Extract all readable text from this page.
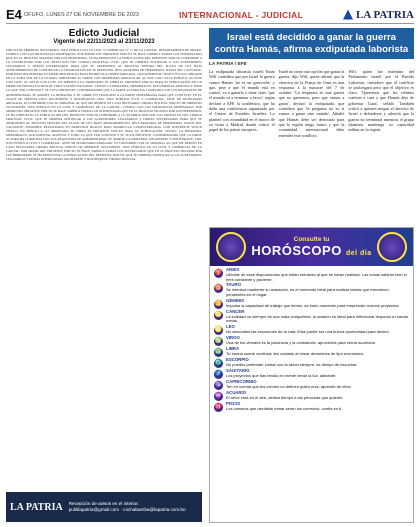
E4 OFUFO, LUNES 27 DE NOVIEMBRE DE 2023	INTERNACIONAL - JUDICIAL	LA PATRIA
Edicto Judicial
Vigente del 22/11/2023 al 23/11/2023
EDICTO DE ABIERTOS SUCESIONES. JUEZ PÚBLICO EN LO CIVIL Y COMERCIAL Nº 17 DE LA CAPITAL, DEPARTAMENTO DE ORURO, CUMPLE CON LAS DILIGENCIAS ORDENADAS. POR MEDIO DEL PRESENTE EDICTO SE HACE SABER A TODOS LOS INTERESADOS QUE EN EL PROCESO SEGUIDO POR LOS HEREDEROS, SE HA DISPUESTO LA PUBLICACIÓN DEL PRESENTE EDICTO CONFORME A LO ESTABLECIDO POR LOS ARTÍCULOS DEL CÓDIGO PROCESAL CIVIL. QUE SE ORDENA NOTIFICAR A LOS ACREEDORES, LEGATARIOS Y DEMÁS INTERESADOS PARA QUE SE APERSONEN AL PROCESO DENTRO DEL PLAZO DE LEY BAJO APERCIBIMIENTO DE CONTINUAR LA TRAMITACIÓN EN SU REBELDÍA. DECLARATORIA DE HEREDEROS, DATOS DEL CAUSANTE, INMUEBLE REGISTRADO EN DERECHOS REALES BAJO MATRÍCULA COMPUTARIZADA, CON SUPERFICIE SEGÚN TÍTULO, UBICADO EN LA ZONA SUR DE LA CIUDAD, LIMITANDO AL NORTE CON PROPIEDAD PARTICULAR, AL SUR CON CALLE PÚBLICA, AL ESTE CON LOTE, AL OESTE CON LOTE. EN MÉRITO A LO ORDENADO SE LIBRA EL PRESENTE EDICTO PARA SU PUBLICACIÓN EN UN MEDIO DE PRENSA ESCRITA DE CIRCULACIÓN NACIONAL. VISTOS: LA DEMANDA, MEMORIALES, DOCUMENTAL ADJUNTA Y TODO LO QUE VER CONVINO Y SE TUVO PRESENTE, CONSIDERANDO QUE LA PARTE ACTORA HA CUMPLIDO CON LOS REQUISITOS DE ADMISIBILIDAD, SE ADMITE LA DEMANDA Y SE CORRE EN TRASLADO A LA PARTE DEMANDADA PARA QUE CONTESTE EN EL PLAZO DE TREINTA DÍAS. REGÍSTRESE Y NOTIFÍQUESE. FDO. JUEZ PÚBLICO CIVIL Y COMERCIAL. ANTE MÍ SECRETARIO ABOGADO. ES CONFORME CON SU ORIGINAL AL QUE ME REMITO EN CASO NECESARIO. ORURO, BOLIVIA. EDICTO DE ABIERTOS SUCESIONES. JUEZ PÚBLICO EN LO CIVIL Y COMERCIAL DE LA CAPITAL, CUMPLE CON LAS DILIGENCIAS ORDENADAS. POR MEDIO DEL PRESENTE EDICTO SE HACE SABER A TODOS LOS INTERESADOS QUE EN EL PROCESO SEGUIDO POR LOS HEREDEROS, SE HA DISPUESTO LA PUBLICACIÓN DEL PRESENTE EDICTO CONFORME A LO ESTABLECIDO POR LOS ARTÍCULOS DEL CÓDIGO PROCESAL CIVIL. QUE SE ORDENA NOTIFICAR A LOS ACREEDORES, LEGATARIOS Y DEMÁS INTERESADOS PARA QUE SE APERSONEN AL PROCESO DENTRO DEL PLAZO DE LEY BAJO APERCIBIMIENTO. DECLARATORIA DE HEREDEROS, DATOS DEL CAUSANTE, INMUEBLE REGISTRADO EN DERECHOS REALES BAJO MATRÍCULA COMPUTARIZADA, CON SUPERFICIE SEGÚN TÍTULO. EN MÉRITO A LO ORDENADO SE LIBRA EL PRESENTE EDICTO PARA SU PUBLICACIÓN. VISTOS: LA DEMANDA, MEMORIALES, DOCUMENTAL ADJUNTA Y TODO LO QUE VER CONVINO Y SE TUVO PRESENTE, CONSIDERANDO QUE LA PARTE ACTORA HA CUMPLIDO CON LOS REQUISITOS DE ADMISIBILIDAD, SE ADMITE LA DEMANDA. REGÍSTRESE Y NOTIFÍQUESE. FDO. JUEZ PÚBLICO CIVIL Y COMERCIAL. ANTE MÍ SECRETARIO ABOGADO. ES CONFORME CON SU ORIGINAL AL QUE ME REMITO EN CASO NECESARIO. ORURO, BOLIVIA. EDICTO DE ABIERTOS SUCESIONES. JUEZ PÚBLICO EN LO CIVIL Y COMERCIAL DE LA CAPITAL. POR MEDIO DEL PRESENTE EDICTO SE HACE SABER A TODOS LOS INTERESADOS QUE EN EL PROCESO SEGUIDO POR LOS HEREDEROS SE HA DISPUESTO LA PUBLICACIÓN DEL PRESENTE EDICTO. QUE SE ORDENA NOTIFICAR A LOS ACREEDORES, LEGATARIOS Y DEMÁS INTERESADOS. REGÍSTRESE Y NOTIFÍQUESE. ORURO, BOLIVIA.
Israel está decidido a ganar la guerra contra Hamás, afirma exdiputada laborista
LA PATRIA / EFE
La exdiputada laborista israelí Einat Wilf considera que por Israel la guerra contra Hamás 'no es un genocidio' y que, pese a que 'el mundo está en contra', va a ganarla y tiene claro 'que el mundo va a terminar a favor', según declaró a EFE la académica, que ha dado una conferencia organizada por el Centro de Estudios Israelíes. Lo planteó con rotundidad en el marco de su visita a Madrid, donde criticó el papel de los países europeos.
Israel no tiene otra opción que ganar la guerra, dijo Wilf, quien afirmó que la ofensiva en la Franja de Gaza es una respuesta a la masacre del 7 de octubre. 'La respuesta es una guerra que no queremos, pero que vamos a ganar', declaró la exdiputada, que considera que 'la pregunta no es si vamos a ganar sino cuándo'. Añadió que Hamás debe ser derrotado para que la región tenga futuro y que la comunidad internacional debe entender este conflicto.
Wilf, quien fue miembro del Parlamento israelí por el Partido Laborista, consideró que el conflicto se prolongará pero que el objetivo es claro. 'Queremos que los rehenes vuelvan a casa y que Hamás deje de gobernar Gaza', señaló. También criticó a quienes niegan el derecho de Israel a defenderse y advirtió que la guerra no terminará mientras el grupo islamista mantenga su capacidad militar en la región.
Consulte tu
HORÓSCOPO del día
♈
ARIES
Ubícate de esas disposiciones que están entrando al que se harán realidad. Las cosas saldrán bien si eres constante y paciente.
♉
TAURO
Se interesa mantener su actuación, es el momento ideal para realizar tareas que estuvieron pendientes en el hogar.
♊
GÉMINIS
Impulsa la capacidad de trabajo que tienes, es buen momento para emprender nuevos proyectos.
♋
CÁNCER
La soledad no siempre es una mala compañera, la ocasión es ideal para reflexionar respecto a nuevas metas.
♌
LEO
No descuides las emociones de la vida. Esta puede ser una buena oportunidad para decirlo.
♍
VIRGO
Una de tus virtudes es la paciencia y la constancia, aprovecha para cerrar acuerdos.
♎
LIBRA
Tu buena suerte continúa, ten cuidado al tomar decisiones de tipo económico.
♏
ESCORPIO
No puedes pretender contar con la razón siempre, es tiempo de escuchar.
♐
SAGITARIO
Los proyectos que has tenido en mente verán la luz, adelante.
♑
CAPRICORNIO
Ten en cuenta que tus errores no definen quién eres, aprende de ellos.
♒
ACUARIO
El amor está en el aire, dedica tiempo a las personas que quieres.
♓
PISCIS
Los caminos que decidiste tomar serán los correctos, confía en ti.
LA PATRIA Recepción de avisos en el interior:
publilapatria@gmail.com · cochabamba@lapatria.com.bo
